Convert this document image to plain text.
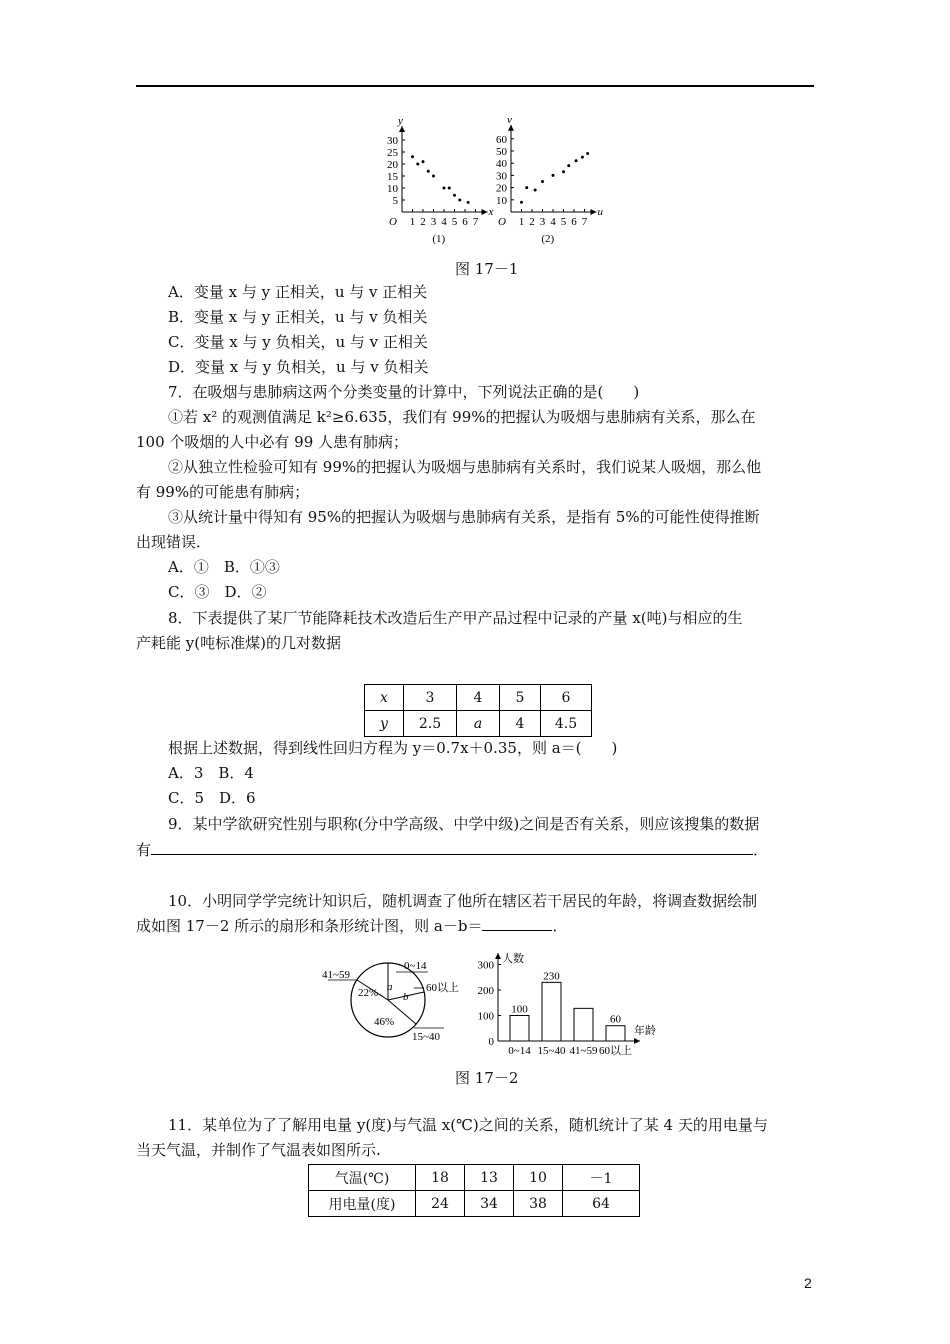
y
x
O
30
25
20
15
10
5
1 2 3 4 5 6 7
(1)
v
u
O
60
50
40
30
20
10
1 2 3 4 5 6 7
(2)
图 17－1
A．变量 x 与 y 正相关，u 与 v 正相关
B．变量 x 与 y 正相关，u 与 v 负相关
C．变量 x 与 y 负相关，u 与 v 正相关
D．变量 x 与 y 负相关，u 与 v 负相关
7．在吸烟与患肺病这两个分类变量的计算中，下列说法正确的是(　　)
①若 x² 的观测值满足 k²≥6.635，我们有 99%的把握认为吸烟与患肺病有关系，那么在
100 个吸烟的人中必有 99 人患有肺病；
②从独立性检验可知有 99%的把握认为吸烟与患肺病有关系时，我们说某人吸烟，那么他
有 99%的可能患有肺病；
③从统计量中得知有 95%的把握认为吸烟与患肺病有关系，是指有 5%的可能性使得推断
出现错误．
A．①　B．①③
C．③　D．②
8．下表提供了某厂节能降耗技术改造后生产甲产品过程中记录的产量 x(吨)与相应的生
产耗能 y(吨标准煤)的几对数据
x	3	4	5	6
y	2.5	a	4	4.5
根据上述数据，得到线性回归方程为 y＝0.7x＋0.35，则 a＝(　　)
A．3　B．4
C．5　D．6
9．某中学欲研究性别与职称(分中学高级、中学中级)之间是否有关系，则应该搜集的数据
有	．
10．小明同学学完统计知识后，随机调查了他所在辖区若干居民的年龄，将调查数据绘制
成如图 17－2 所示的扇形和条形统计图，则 a－b＝	．
41~59
0~14
60以上
15~40
22%
46%
a
b
人数
年龄
0
300
200
100
100
0~14
230
15~40 41~59
60
60以上
图 17－2
11．某单位为了了解用电量 y(度)与气温 x(℃)之间的关系，随机统计了某 4 天的用电量与
当天气温，并制作了气温表如图所示.
气温(℃)	18	13	10	－1
用电量(度)	24	34	38	64
2
